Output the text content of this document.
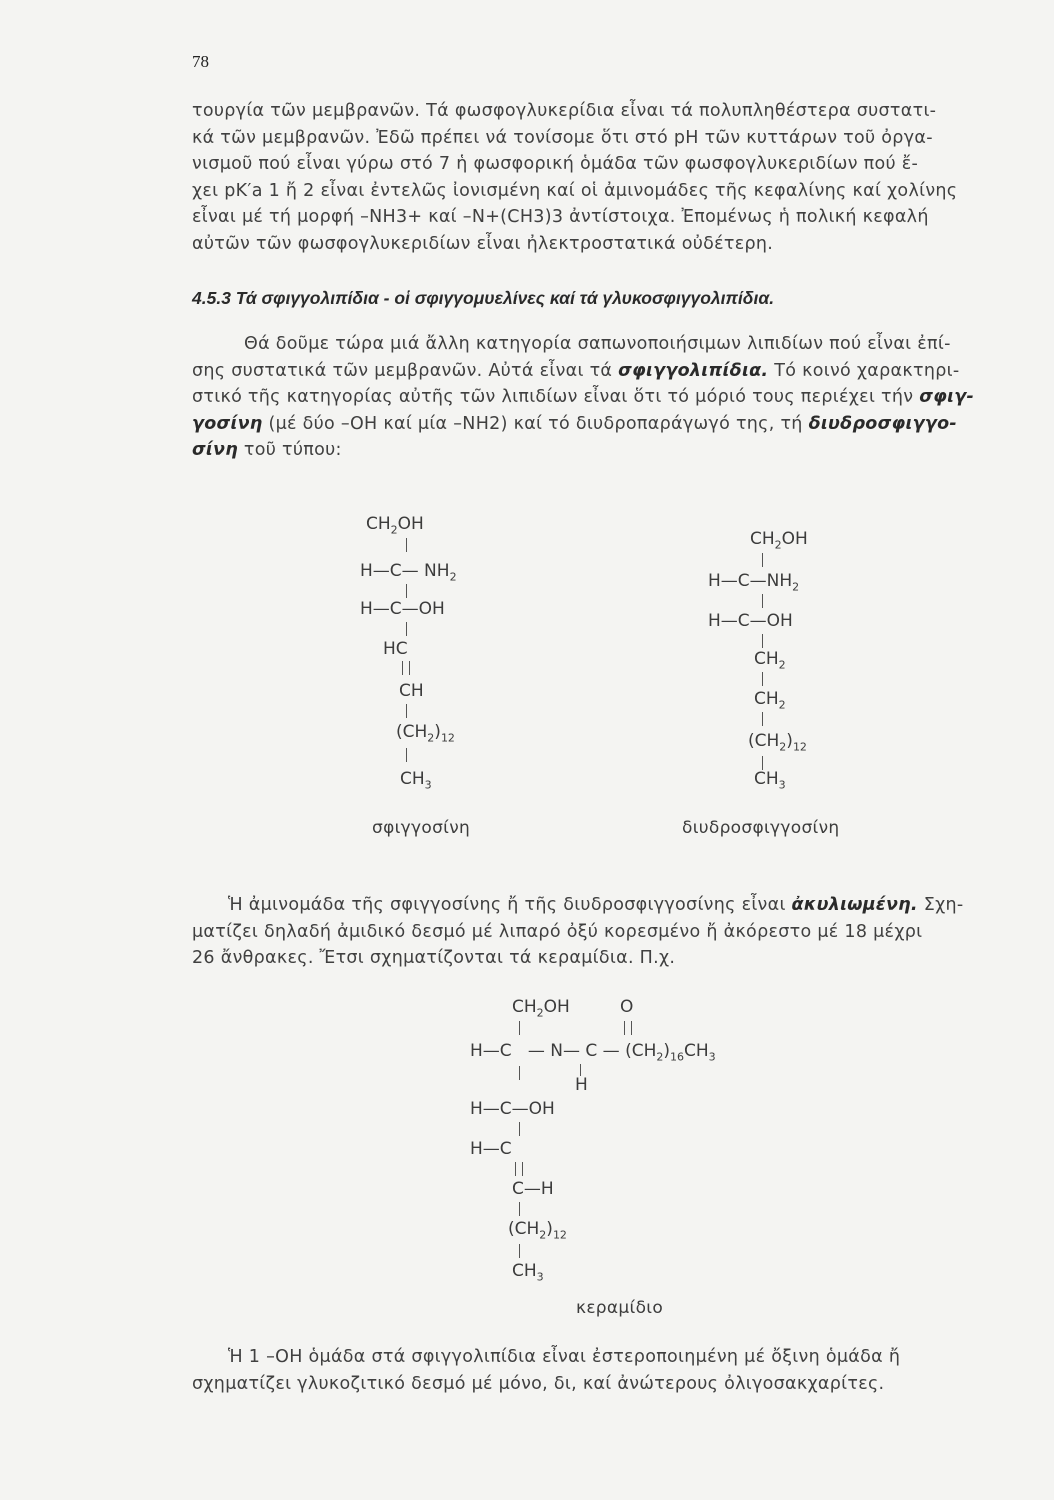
78

τουργία τῶν μεμβρανῶν. Τά φωσφογλυκερίδια εἶναι τά πολυπληθέστερα συστατι-

κά τῶν μεμβρανῶν. Ἐδῶ πρέπει νά τονίσομε ὅτι στό pH τῶν κυττάρων τοῦ ὀργα-

νισμοῦ πού εἶναι γύρω στό 7 ἡ φωσφορική ὁμάδα τῶν φωσφογλυκεριδίων πού ἔ-

χει pK′a 1 ἤ 2 εἶναι ἐντελῶς ἰονισμένη καί οἱ ἀμινομάδες τῆς κεφαλίνης καί χολίνης

εἶναι μέ τή μορφή –NH3+ καί –N+(CH3)3 ἀντίστοιχα. Ἐπομένως ἡ πολική κεφαλή

αὐτῶν τῶν φωσφογλυκεριδίων εἶναι ἠλεκτροστατικά οὐδέτερη.

4.5.3 Τά σφιγγολιπίδια - οἱ σφιγγομυελίνες καί τά γλυκοσφιγγολιπίδια.

Θά δοῦμε τώρα μιά ἄλλη κατηγορία σαπωνοποιήσιμων λιπιδίων πού εἶναι ἐπί-

σης συστατικά τῶν μεμβρανῶν. Αὐτά εἶναι τά σφιγγολιπίδια. Τό κοινό χαρακτηρι-

στικό τῆς κατηγορίας αὐτῆς τῶν λιπιδίων εἶναι ὅτι τό μόριό τους περιέχει τήν σφιγ-

γοσίνη (μέ δύο –OH καί μία –NH2) καί τό διυδροπαράγωγό της, τή διυδροσφιγγο-

σίνη τοῦ τύπου:

$CH_2OH$
H—C— $NH_2$
H—C—OH
HC
CH
$(CH_2)_{12}$
$CH_3$
σφιγγοσίνη
$CH_2OH$
$H—C—NH_2$
H—C—OH
$CH_2$
$CH_2$
$(CH_2)_{12}$
$CH_3$
διυδροσφιγγοσίνη

Ἡ ἀμινομάδα τῆς σφιγγοσίνης ἤ τῆς διυδροσφιγγοσίνης εἶναι ἀκυλιωμένη. Σχη-

ματίζει δηλαδή ἀμιδικό δεσμό μέ λιπαρό ὀξύ κορεσμένο ἤ ἀκόρεστο μέ 18 μέχρι

26 ἄνθρακες. Ἔτσι σχηματίζονται τά κεραμίδια. Π.χ.

$CH_2OH$	O
H—C   — N— C — $(CH_2)_{16}CH_3$
H
H—C—OH
H—C
C—H
$(CH_2)_{12}$
$CH_3$
κεραμίδιο

Ἡ 1 –OH ὁμάδα στά σφιγγολιπίδια εἶναι ἐστεροποιημένη μέ ὄξινη ὁμάδα ἤ

σχηματίζει γλυκοζιτικό δεσμό μέ μόνο, δι, καί ἀνώτερους ὀλιγοσακχαρίτες.
